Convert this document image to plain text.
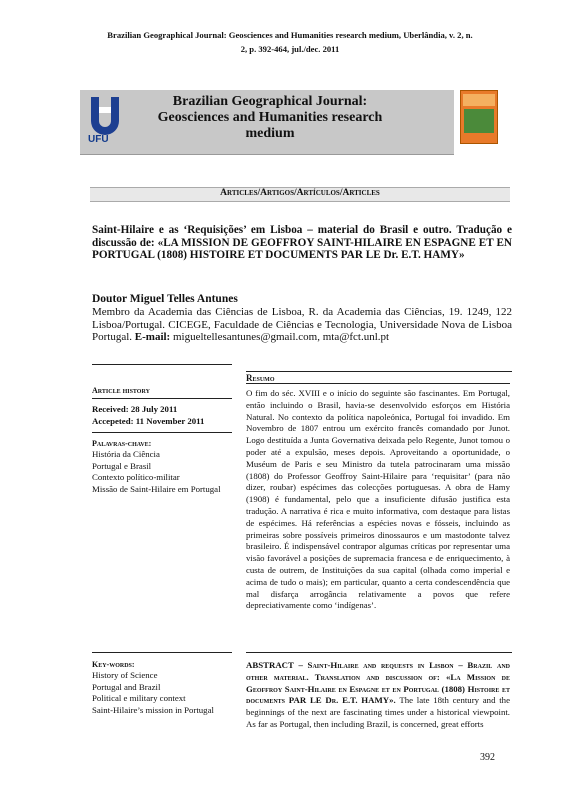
Brazilian Geographical Journal: Geosciences and Humanities research medium, Uberlândia, v. 2, n.
2, p. 392-464, jul./dec. 2011
UFU
Brazilian Geographical Journal:
Geosciences and Humanities research
medium
Articles/Artigos/Artículos/Articles
Saint-Hilaire e as ‘Requisições’ em Lisboa – material do Brasil e outro. Tradução e discussão de: «LA MISSION DE GEOFFROY SAINT-HILAIRE EN ESPAGNE ET EN PORTUGAL (1808) HISTOIRE ET DOCUMENTS PAR LE Dr. E.T. HAMY»
Doutor Miguel Telles Antunes
Membro da Academia das Ciências de Lisboa, R. da Academia das Ciências, 19. 1249, 122 Lisboa/Portugal. CICEGE, Faculdade de Ciências e Tecnologia, Universidade Nova de Lisboa Portugal. E-mail: migueltellesantunes@gmail.com, mta@fct.unl.pt
Resumo
O fim do séc. XVIII e o início do seguinte são fascinantes. Em Portugal, então incluindo o Brasil, havia-se desenvolvido esforços em História Natural. No contexto da política napoleónica, Portugal foi invadido. Em Novembro de 1807 entrou um exército francês comandado por Junot. Logo destituída a Junta Governativa deixada pelo Regente, Junot tomou o poder até a expulsão, meses depois. Aproveitando a oportunidade, o Muséum de Paris e seu Ministro da tutela patrocinaram uma missão (1808) do Professor Geoffroy Saint-Hilaire para ‘requisitar’ (para não dizer, roubar) espécimes das colecções portuguesas. A obra de Hamy (1908) é fundamental, pelo que a insuficiente difusão justifica esta tradução. A narrativa é rica e muito informativa, com destaque para listas de espécimes. Há referências a espécies novas e fósseis, incluindo as primeiras sobre possíveis primeiros dinossauros e um mastodonte talvez brasileiro. É indispensável contrapor algumas críticas por representar uma visão favorável a posições de supremacia francesa e de enriquecimento, à custa de outrem, de Instituições da sua capital (olhada como imperial e acima de tudo o mais); em particular, quanto a certa condescendência que mal disfarça arrogância relativamente a povos que refere depreciativamente como ‘indígenas’.
Article history
Received: 28 July 2011
Accepeted: 11 November 2011
Palavras-chave:
História da Ciência
Portugal e Brasil
Contexto político-militar
Missão de Saint-Hilaire em Portugal
Key-words:
History of Science
Portugal and Brazil
Political e military context
Saint-Hilaire’s mission in Portugal
ABSTRACT – Saint-Hilaire and requests in Lisbon – Brazil and other material. Translation and discussion of: «La Mission de Geoffroy Saint-Hilaire en Espagne et en Portugal (1808) Histoire et documents PAR LE Dr. E.T. HAMY». The late 18th century and the beginnings of the next are fascinating times under a historical viewpoint. As far as Portugal, then including Brazil, is concerned, great efforts
392
